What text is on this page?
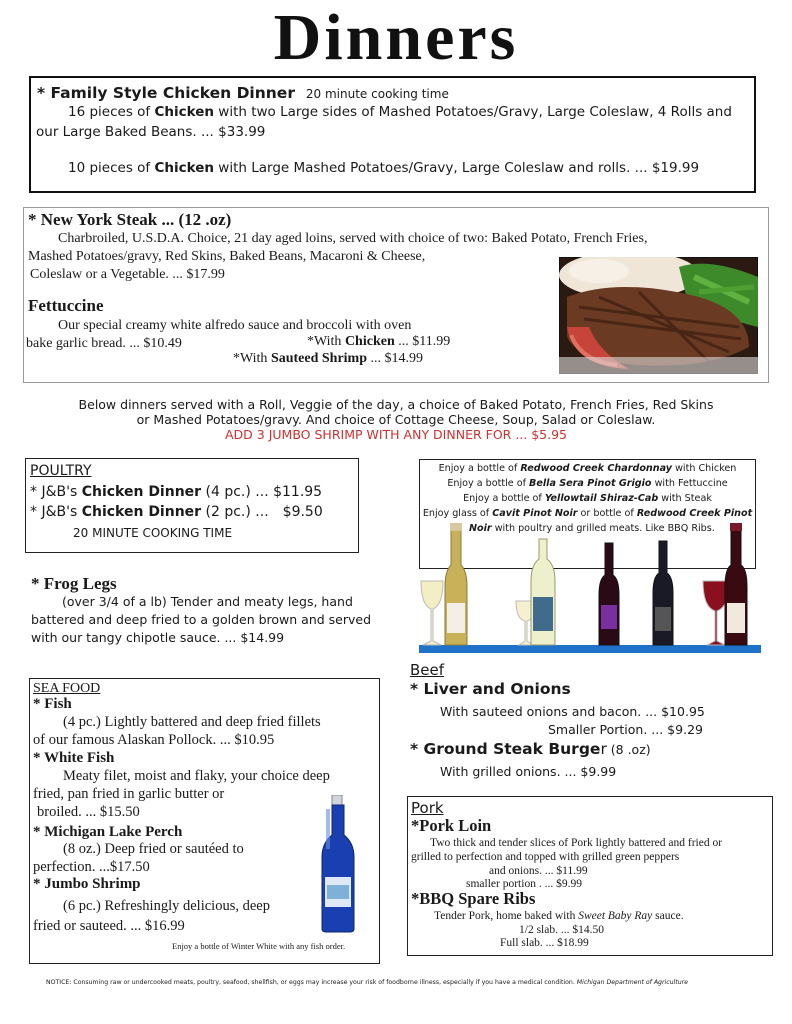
Dinners
* Family Style Chicken Dinner 20 minute cooking time
16 pieces of Chicken with two Large sides of Mashed Potatoes/Gravy, Large Coleslaw, 4 Rolls and our Large Baked Beans. ... $33.99
10 pieces of Chicken with Large Mashed Potatoes/Gravy, Large Coleslaw and rolls. ... $19.99
* New York Steak ... (12 .oz)
Charbroiled, U.S.D.A. Choice, 21 day aged loins, served with choice of two: Baked Potato, French Fries,
Mashed Potatoes/gravy, Red Skins, Baked Beans, Macaroni & Cheese,
Coleslaw or a Vegetable. ... $17.99
Fettuccine
Our special creamy white alfredo sauce and broccoli with oven
bake garlic bread. ... $10.49	*With Chicken ... $11.99
*With Sauteed Shrimp ... $14.99

Below dinners served with a Roll, Veggie of the day, a choice of Baked Potato, French Fries, Red Skins

or Mashed Potatoes/gravy. And choice of Cottage Cheese, Soup, Salad or Coleslaw.

ADD 3 JUMBO SHRIMP WITH ANY DINNER FOR ... $5.95

POULTRY
* J&B's Chicken Dinner (4 pc.) ... $11.95
* J&B's Chicken Dinner (2 pc.) ... $9.50
20 MINUTE COOKING TIME

Enjoy a bottle of Redwood Creek Chardonnay with Chicken

Enjoy a bottle of Bella Sera Pinot Grigio with Fettuccine

Enjoy a bottle of Yellowtail Shiraz-Cab with Steak

Enjoy glass of Cavit Pinot Noir or bottle of Redwood Creek Pinot

Noir with poultry and grilled meats. Like BBQ Ribs.

* Frog Legs
(over 3/4 of a lb) Tender and meaty legs, hand
battered and deep fried to a golden brown and served
with our tangy chipotle sauce. ... $14.99
Beef
* Liver and Onions
With sauteed onions and bacon. ... $10.95
Smaller Portion. ... $9.29
* Ground Steak Burger (8 .oz)
With grilled onions. ... $9.99
SEA FOOD
* Fish
(4 pc.) Lightly battered and deep fried fillets
of our famous Alaskan Pollock. ... $10.95
* White Fish
Meaty filet, moist and flaky, your choice deep
fried, pan fried in garlic butter or
broiled. ... $15.50
* Michigan Lake Perch
(8 oz.) Deep fried or sautéed to
perfection. ...$17.50
* Jumbo Shrimp
(6 pc.) Refreshingly delicious, deep
fried or sauteed. ... $16.99
Enjoy a bottle of Winter White with any fish order.
Pork
*Pork Loin
Two thick and tender slices of Pork lightly battered and fried or
grilled to perfection and topped with grilled green peppers
and onions. ... $11.99
smaller portion . ... $9.99
*BBQ Spare Ribs
Tender Pork, home baked with Sweet Baby Ray sauce.
1/2 slab. ... $14.50
Full slab. ... $18.99
NOTICE: Consuming raw or undercooked meats, poultry, seafood, shellfish, or eggs may increase your risk of foodborne illness, especially if you have a medical condition. Michigan Department of Agriculture
